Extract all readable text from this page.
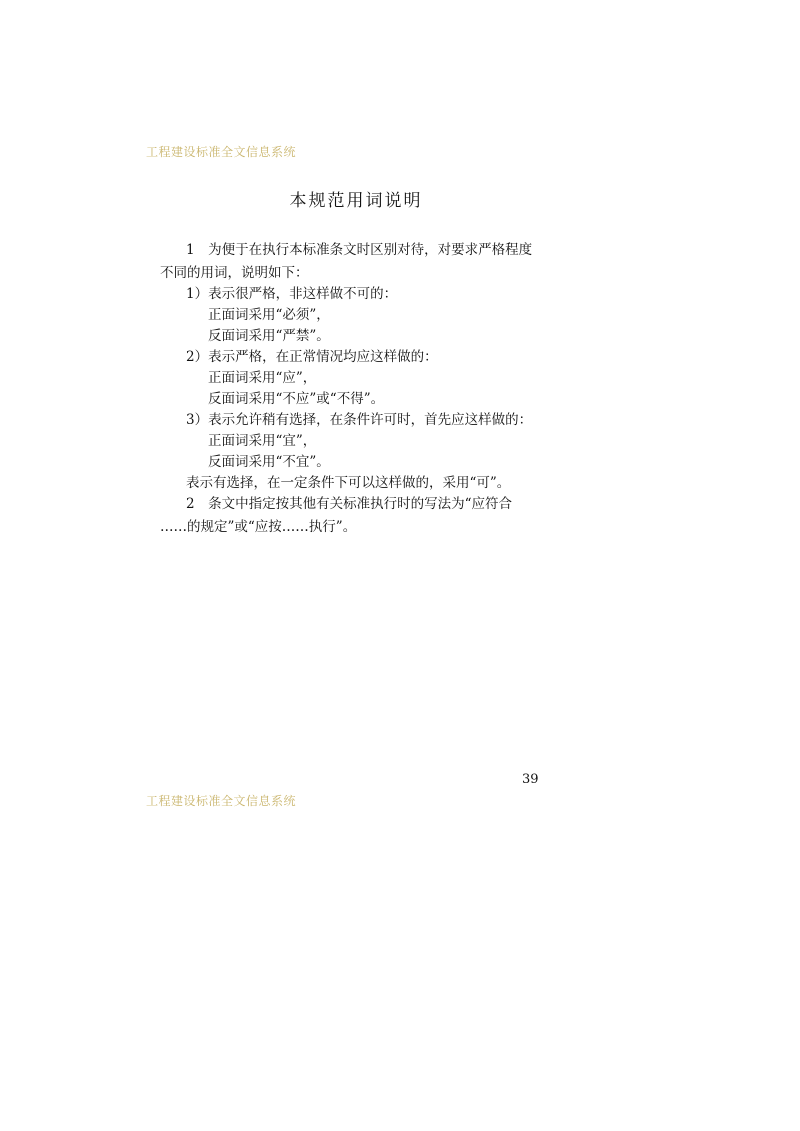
工程建设标准全文信息系统
本规范用词说明
1　为便于在执行本标准条文时区别对待，对要求严格程度
不同的用词，说明如下：
1）表示很严格，非这样做不可的：
正面词采用“必须”，
反面词采用“严禁”。
2）表示严格，在正常情况均应这样做的：
正面词采用“应”，
反面词采用“不应”或“不得”。
3）表示允许稍有选择，在条件许可时，首先应这样做的：
正面词采用“宜”，
反面词采用“不宜”。
表示有选择，在一定条件下可以这样做的，采用“可”。
2　条文中指定按其他有关标准执行时的写法为“应符合
……的规定”或“应按……执行”。
39
工程建设标准全文信息系统
